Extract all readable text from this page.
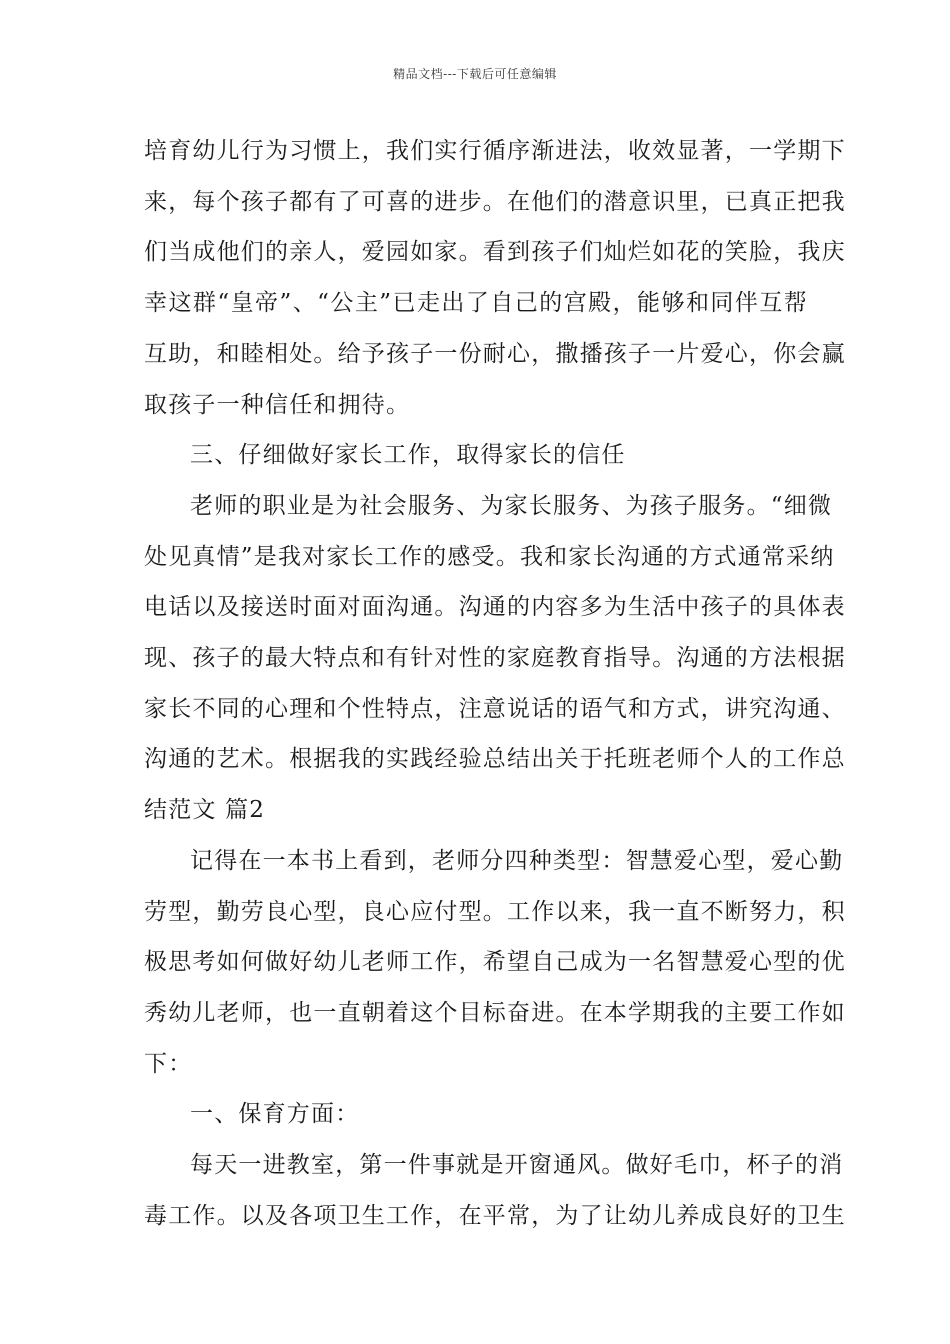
精品文档---下载后可任意编辑

培育幼儿行为习惯上，我们实行循序渐进法，收效显著，一学期下
来，每个孩子都有了可喜的进步。在他们的潜意识里，已真正把我
们当成他们的亲人，爱园如家。看到孩子们灿烂如花的笑脸，我庆
幸这群“皇帝”、“公主”已走出了自己的宫殿，能够和同伴互帮
互助，和睦相处。给予孩子一份耐心，撒播孩子一片爱心，你会赢
取孩子一种信任和拥待。

三、仔细做好家长工作，取得家长的信任

老师的职业是为社会服务、为家长服务、为孩子服务。“细微
处见真情”是我对家长工作的感受。我和家长沟通的方式通常采纳
电话以及接送时面对面沟通。沟通的内容多为生活中孩子的具体表
现、孩子的最大特点和有针对性的家庭教育指导。沟通的方法根据
家长不同的心理和个性特点，注意说话的语气和方式，讲究沟通、
沟通的艺术。根据我的实践经验总结出关于托班老师个人的工作总
结范文 篇2

记得在一本书上看到，老师分四种类型：智慧爱心型，爱心勤
劳型，勤劳良心型，良心应付型。工作以来，我一直不断努力，积
极思考如何做好幼儿老师工作，希望自己成为一名智慧爱心型的优
秀幼儿老师，也一直朝着这个目标奋进。在本学期我的主要工作如
下：

一、保育方面：

每天一进教室，第一件事就是开窗通风。做好毛巾，杯子的消
毒工作。以及各项卫生工作，在平常，为了让幼儿养成良好的卫生
